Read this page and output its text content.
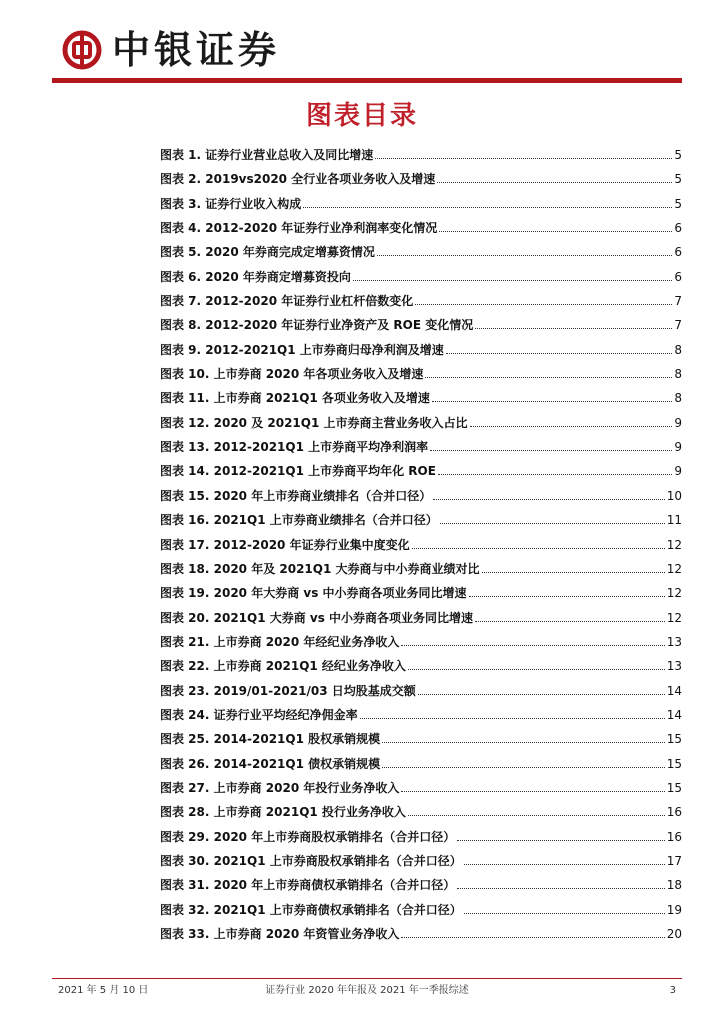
中银证券
图表目录
图表 1. 证券行业营业总收入及同比增速	5
图表 2. 2019vs2020 全行业各项业务收入及增速	5
图表 3. 证券行业收入构成	5
图表 4. 2012-2020 年证券行业净利润率变化情况	6
图表 5. 2020 年券商完成定增募资情况	6
图表 6. 2020 年券商定增募资投向	6
图表 7. 2012-2020 年证券行业杠杆倍数变化	7
图表 8. 2012-2020 年证券行业净资产及 ROE 变化情况	7
图表 9. 2012-2021Q1 上市券商归母净利润及增速	8
图表 10. 上市券商 2020 年各项业务收入及增速	8
图表 11. 上市券商 2021Q1 各项业务收入及增速	8
图表 12. 2020 及 2021Q1 上市券商主营业务收入占比	9
图表 13. 2012-2021Q1 上市券商平均净利润率	9
图表 14. 2012-2021Q1 上市券商平均年化 ROE	9
图表 15. 2020 年上市券商业绩排名（合并口径）	10
图表 16. 2021Q1 上市券商业绩排名（合并口径）	11
图表 17. 2012-2020 年证券行业集中度变化	12
图表 18. 2020 年及 2021Q1 大券商与中小券商业绩对比	12
图表 19. 2020 年大券商 vs 中小券商各项业务同比增速	12
图表 20. 2021Q1 大券商 vs 中小券商各项业务同比增速	12
图表 21. 上市券商 2020 年经纪业务净收入	13
图表 22. 上市券商 2021Q1 经纪业务净收入	13
图表 23. 2019/01-2021/03 日均股基成交额	14
图表 24. 证券行业平均经纪净佣金率	14
图表 25. 2014-2021Q1 股权承销规模	15
图表 26. 2014-2021Q1 债权承销规模	15
图表 27. 上市券商 2020 年投行业务净收入	15
图表 28. 上市券商 2021Q1 投行业务净收入	16
图表 29. 2020 年上市券商股权承销排名（合并口径）	16
图表 30. 2021Q1 上市券商股权承销排名（合并口径）	17
图表 31. 2020 年上市券商债权承销排名（合并口径）	18
图表 32. 2021Q1 上市券商债权承销排名（合并口径）	19
图表 33. 上市券商 2020 年资管业务净收入	20
2021 年 5 月 10 日	证券行业 2020 年年报及 2021 年一季报综述	3
